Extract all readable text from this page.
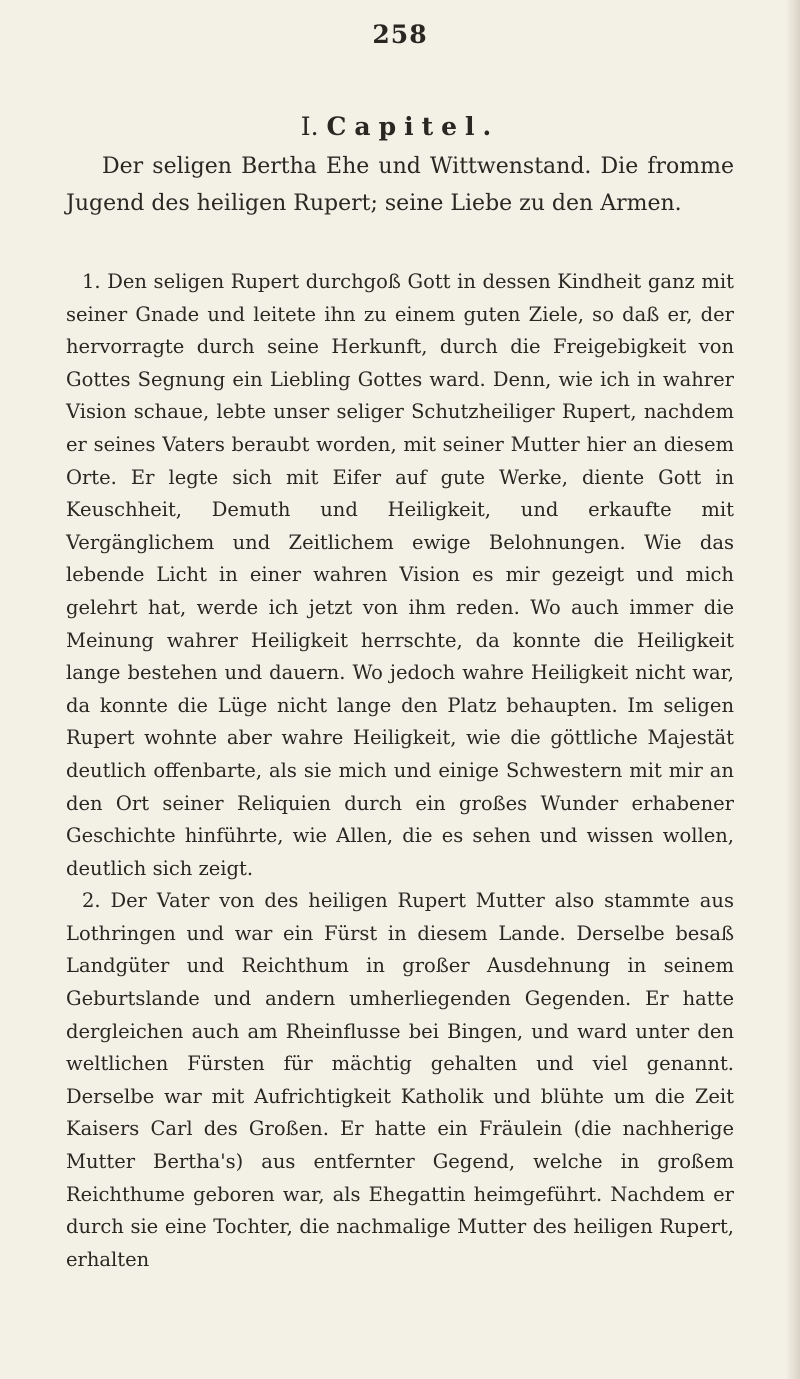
258
I. Capitel.

Der seligen Bertha Ehe und Wittwenstand. Die fromme Jugend des heiligen Rupert; seine Liebe zu den Armen.

1. Den seligen Rupert durchgoß Gott in dessen Kindheit ganz mit seiner Gnade und leitete ihn zu einem guten Ziele, so daß er, der hervorragte durch seine Herkunft, durch die Freigebigkeit von Gottes Segnung ein Liebling Gottes ward. Denn, wie ich in wahrer Vision schaue, lebte unser seliger Schutzheiliger Rupert, nachdem er seines Vaters beraubt worden, mit seiner Mutter hier an diesem Orte. Er legte sich mit Eifer auf gute Werke, diente Gott in Keuschheit, Demuth und Heiligkeit, und erkaufte mit Vergänglichem und Zeitlichem ewige Belohnungen. Wie das lebende Licht in einer wahren Vision es mir gezeigt und mich gelehrt hat, werde ich jetzt von ihm reden. Wo auch immer die Meinung wahrer Heiligkeit herrschte, da konnte die Heiligkeit lange bestehen und dauern. Wo jedoch wahre Heiligkeit nicht war, da konnte die Lüge nicht lange den Platz behaupten. Im seligen Rupert wohnte aber wahre Heiligkeit, wie die göttliche Majestät deutlich offenbarte, als sie mich und einige Schwestern mit mir an den Ort seiner Reliquien durch ein großes Wunder erhabener Geschichte hinführte, wie Allen, die es sehen und wissen wollen, deutlich sich zeigt.

2. Der Vater von des heiligen Rupert Mutter also stammte aus Lothringen und war ein Fürst in diesem Lande. Derselbe besaß Landgüter und Reichthum in großer Ausdehnung in seinem Geburtslande und andern umherliegenden Gegenden. Er hatte dergleichen auch am Rheinflusse bei Bingen, und ward unter den weltlichen Fürsten für mächtig gehalten und viel genannt. Derselbe war mit Aufrichtigkeit Katholik und blühte um die Zeit Kaisers Carl des Großen. Er hatte ein Fräulein (die nachherige Mutter Bertha's) aus entfernter Gegend, welche in großem Reichthume geboren war, als Ehegattin heimgeführt. Nachdem er durch sie eine Tochter, die nachmalige Mutter des heiligen Rupert, erhalten
